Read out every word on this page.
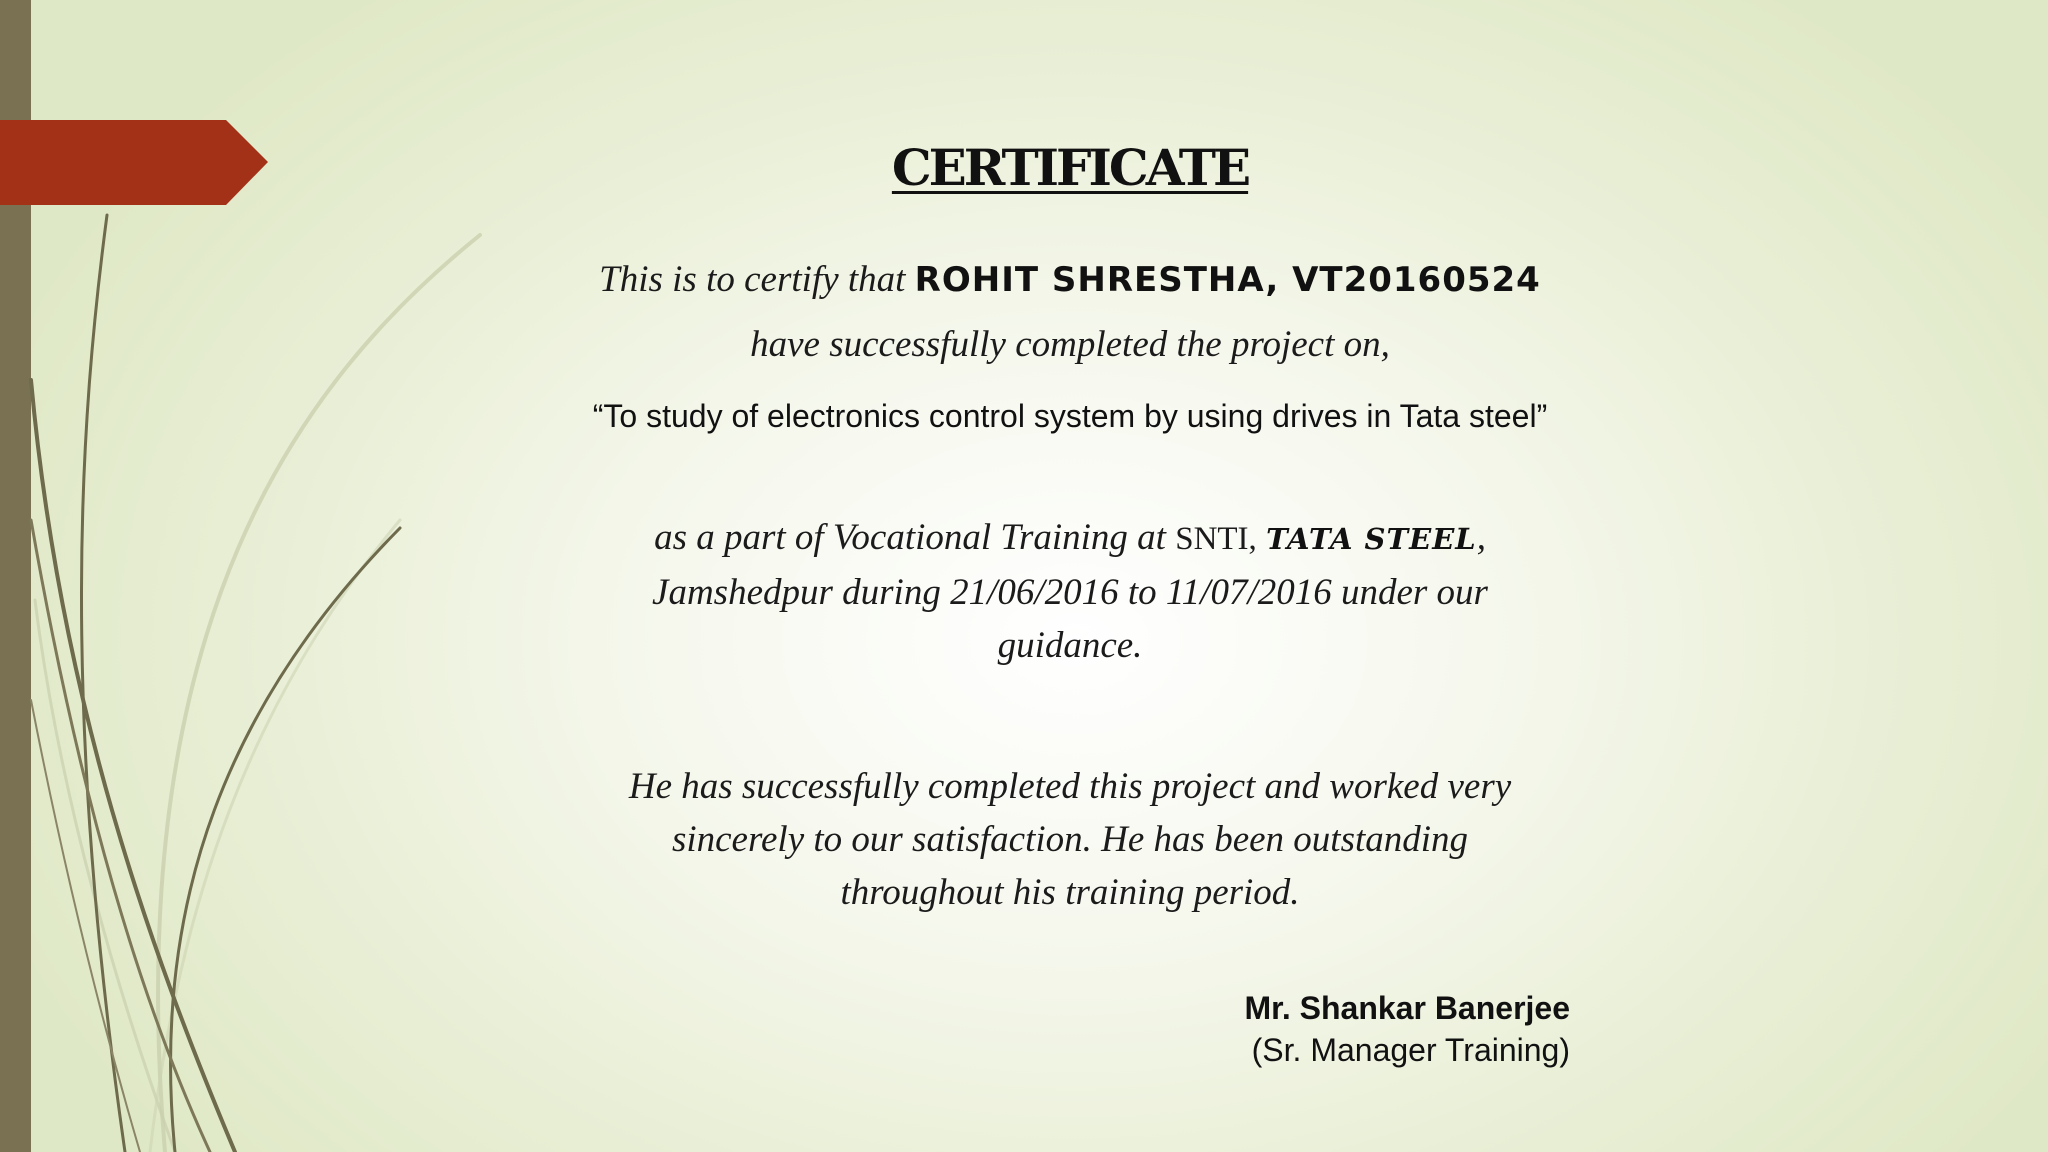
CERTIFICATE
This is to certify that ROHIT SHRESTHA, VT20160524
have successfully completed the project on,
“To study of electronics control system by using drives in Tata steel”
as a part of Vocational Training at SNTI, TATA STEEL, Jamshedpur during 21/06/2016 to 11/07/2016 under our guidance.
He has successfully completed this project and worked very sincerely to our satisfaction. He has been outstanding throughout his training period.
Mr. Shankar Banerjee
(Sr. Manager Training)
